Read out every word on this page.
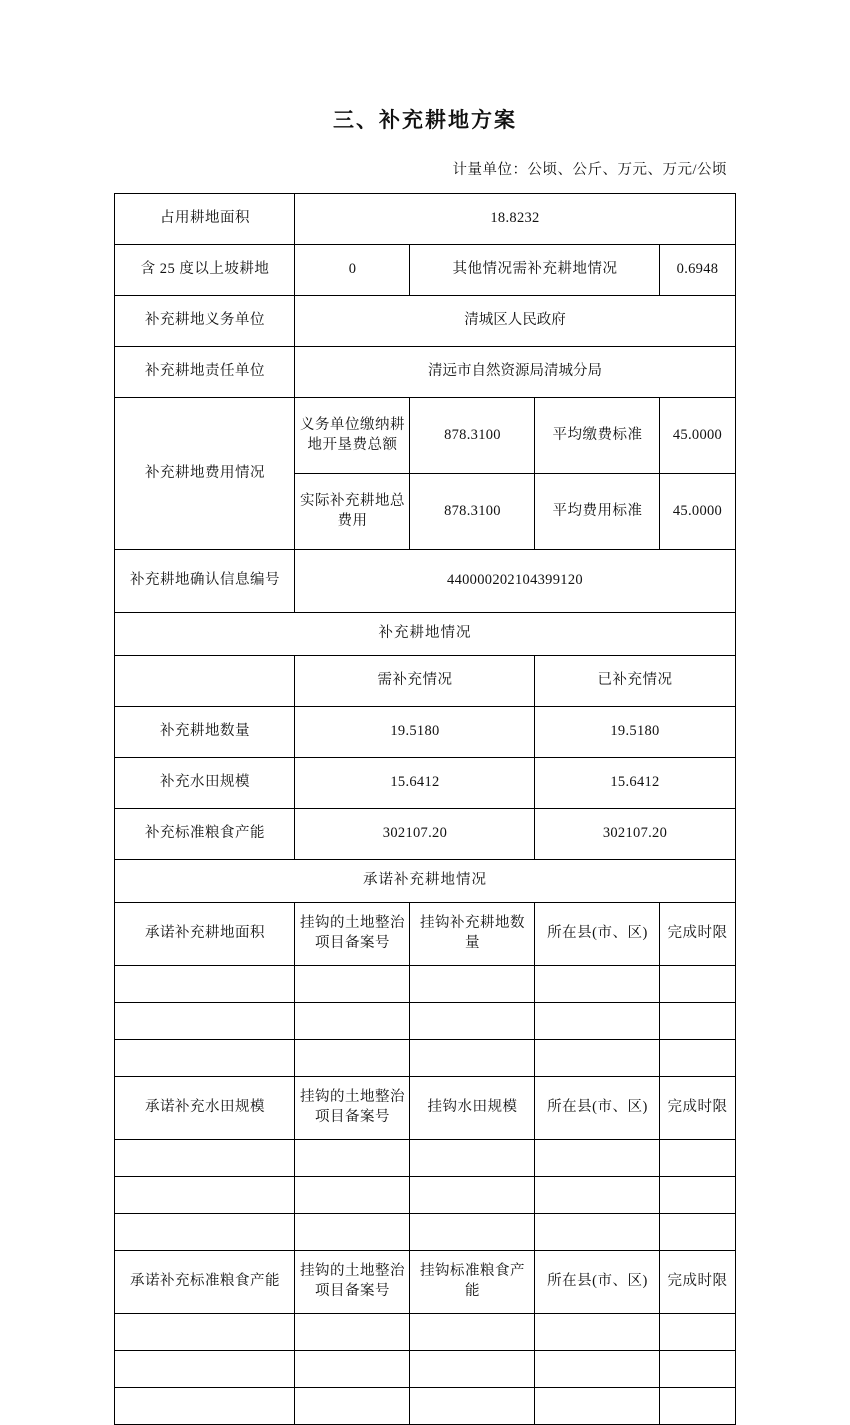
三、补充耕地方案
计量单位：公顷、公斤、万元、万元/公顷
占用耕地面积	18.8232			
含 25 度以上坡耕地	0	其他情况需补充耕地情况		0.6948
补充耕地义务单位	清城区人民政府			
补充耕地责任单位	清远市自然资源局清城分局			
补充耕地费用情况	义务单位缴纳耕地开垦费总额	878.3100	平均缴费标准	45.0000
	实际补充耕地总费用	878.3100	平均费用标准	45.0000
补充耕地确认信息编号	440000202104399120			
补充耕地情况				
	需补充情况		已补充情况	
补充耕地数量	19.5180		19.5180	
补充水田规模	15.6412		15.6412	
补充标准粮食产能	302107.20		302107.20	
承诺补充耕地情况				
承诺补充耕地面积	挂钩的土地整治项目备案号	挂钩补充耕地数量	所在县(市、区)	完成时限

承诺补充水田规模	挂钩的土地整治项目备案号	挂钩水田规模	所在县(市、区)	完成时限

承诺补充标准粮食产能	挂钩的土地整治项目备案号	挂钩标准粮食产能	所在县(市、区)	完成时限
